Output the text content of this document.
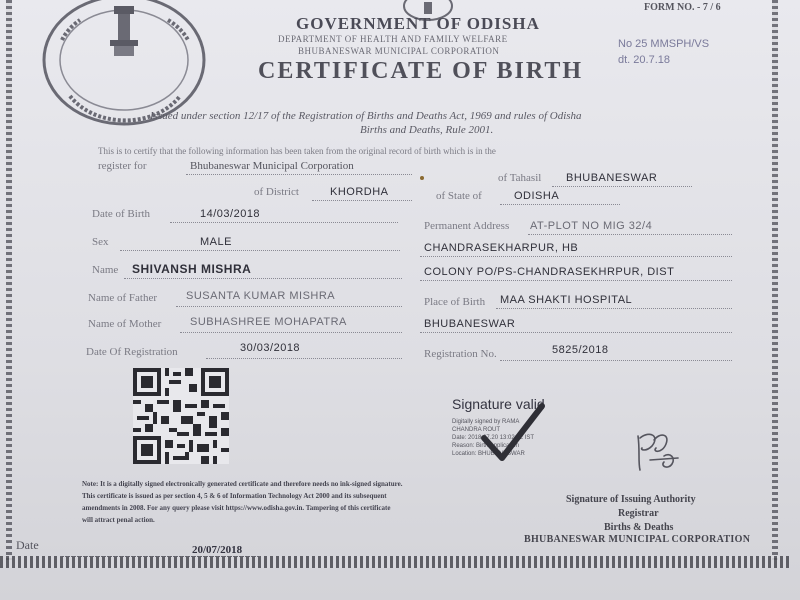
FORM NO. - 7 / 6
GOVERNMENT OF ODISHA
DEPARTMENT OF HEALTH AND FAMILY WELFARE
BHUBANESWAR MUNICIPAL CORPORATION
CERTIFICATE OF BIRTH
No 25 MMSPH/VS
dt. 20.7.18
Issued under section 12/17 of the Registration of Births and Deaths Act, 1969 and rules of Odisha
Births and Deaths, Rule 2001.
This is to certify that the following information has been taken from the original record of birth which is in the
register for	Bhubaneswar Municipal Corporation
of Tahasil BHUBANESWAR
of District	KHORDHA	of State of	ODISHA
Date of Birth	14/03/2018
Sex	MALE
Name SHIVANSH MISHRA
Name of Father	SUSANTA KUMAR MISHRA
Name of Mother	SUBHASHREE MOHAPATRA
Date Of Registration	30/03/2018
Permanent Address AT-PLOT NO MIG 32/4
CHANDRASEKHARPUR, HB
COLONY PO/PS-CHANDRASEKHRPUR, DIST
Place of Birth MAA SHAKTI HOSPITAL
BHUBANESWAR
Registration No.	5825/2018
Signature valid
Digitally signed by RAMA
CHANDRA ROUT
Date: 2018.07.20 13:02:42 IST
Reason: Birth Application
Location: BHUBANESWAR
Note: It is a digitally signed electronically generated certificate and therefore needs no ink-signed signature.
This certificate is issued as per section 4, 5 & 6 of Information Technology Act 2000 and its subsequent
amendments in 2008. For any query please visit https://www.odisha.gov.in. Tampering of this certificate
will attract penal action.
Signature of Issuing Authority
Registrar
Births & Deaths
BHUBANESWAR MUNICIPAL CORPORATION
Date	20/07/2018
